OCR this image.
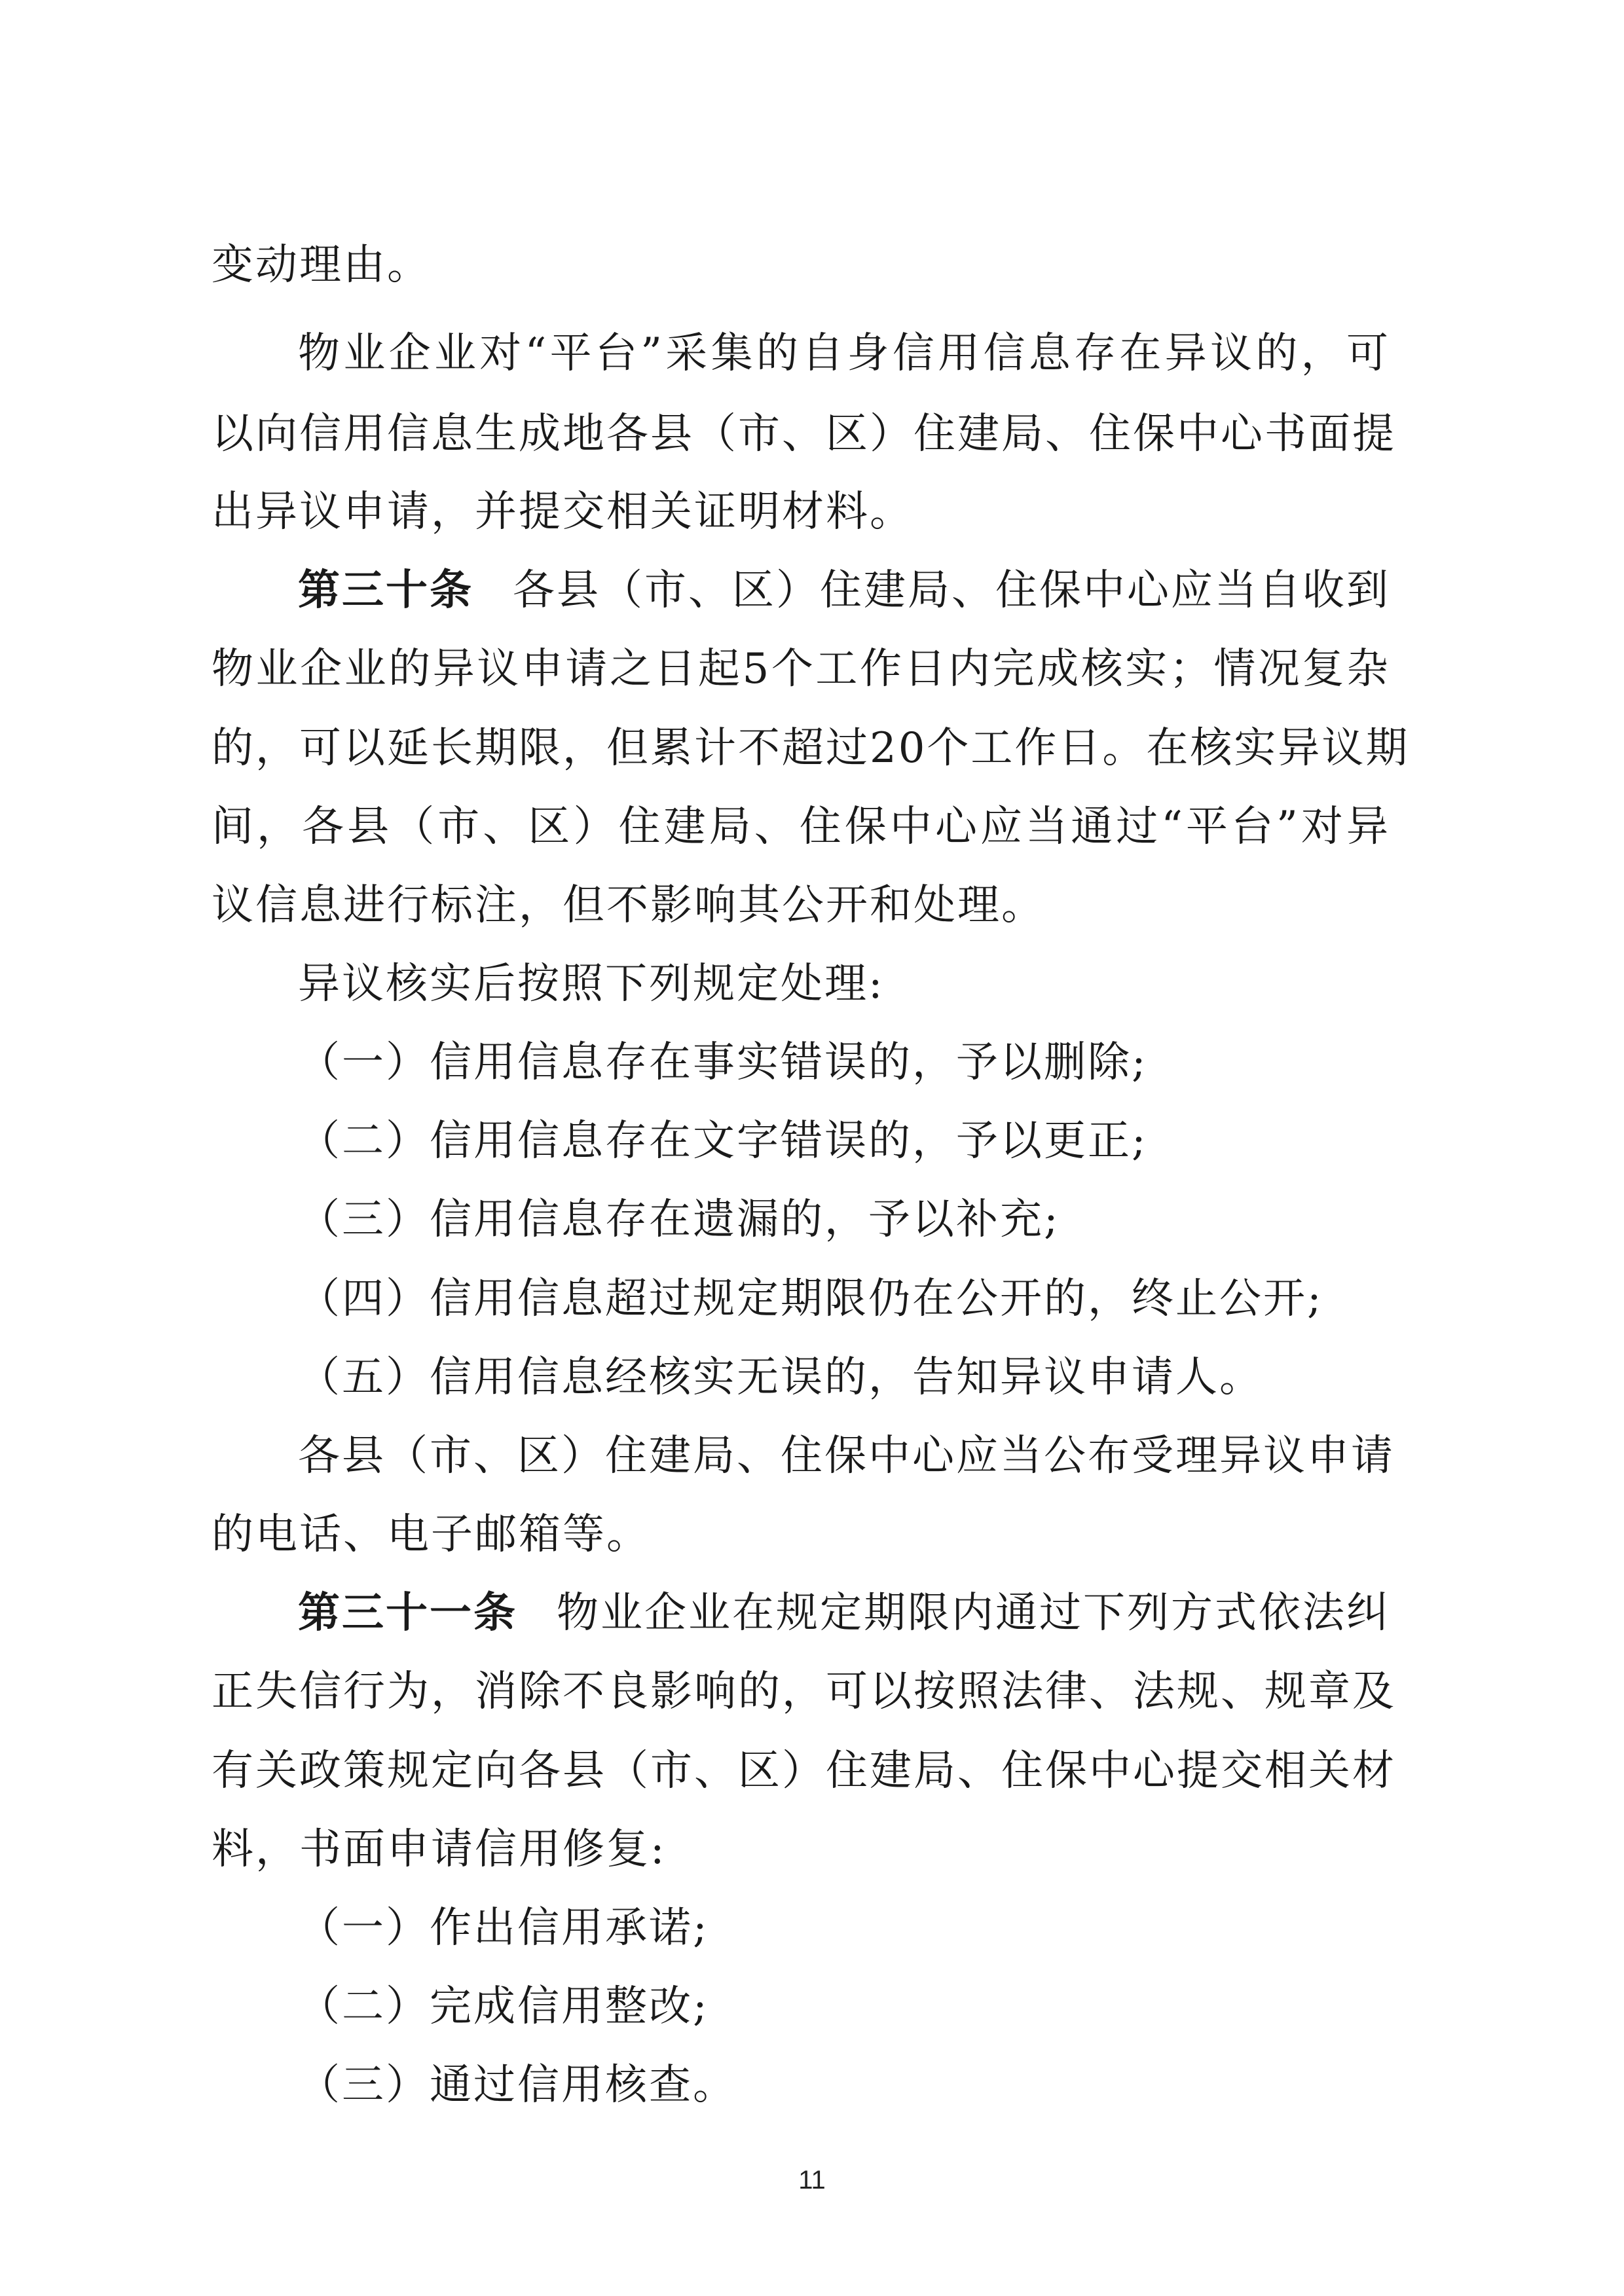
变动理由。
物业企业对“平台”采集的自身信用信息存在异议的，可
以向信用信息生成地各县（市、区）住建局、住保中心书面提
出异议申请，并提交相关证明材料。
第三十条 各县（市、区）住建局、住保中心应当自收到
物业企业的异议申请之日起5个工作日内完成核实；情况复杂
的，可以延长期限，但累计不超过20个工作日。在核实异议期
间，各县（市、区）住建局、住保中心应当通过“平台”对异
议信息进行标注，但不影响其公开和处理。
异议核实后按照下列规定处理:
（一）信用信息存在事实错误的，予以删除;
（二）信用信息存在文字错误的，予以更正;
（三）信用信息存在遗漏的，予以补充;
（四）信用信息超过规定期限仍在公开的，终止公开;
（五）信用信息经核实无误的，告知异议申请人。
各县（市、区）住建局、住保中心应当公布受理异议申请
的电话、电子邮箱等。
第三十一条 物业企业在规定期限内通过下列方式依法纠
正失信行为，消除不良影响的，可以按照法律、法规、规章及
有关政策规定向各县（市、区）住建局、住保中心提交相关材
料，书面申请信用修复:
（一）作出信用承诺;
（二）完成信用整改;
（三）通过信用核查。
11
